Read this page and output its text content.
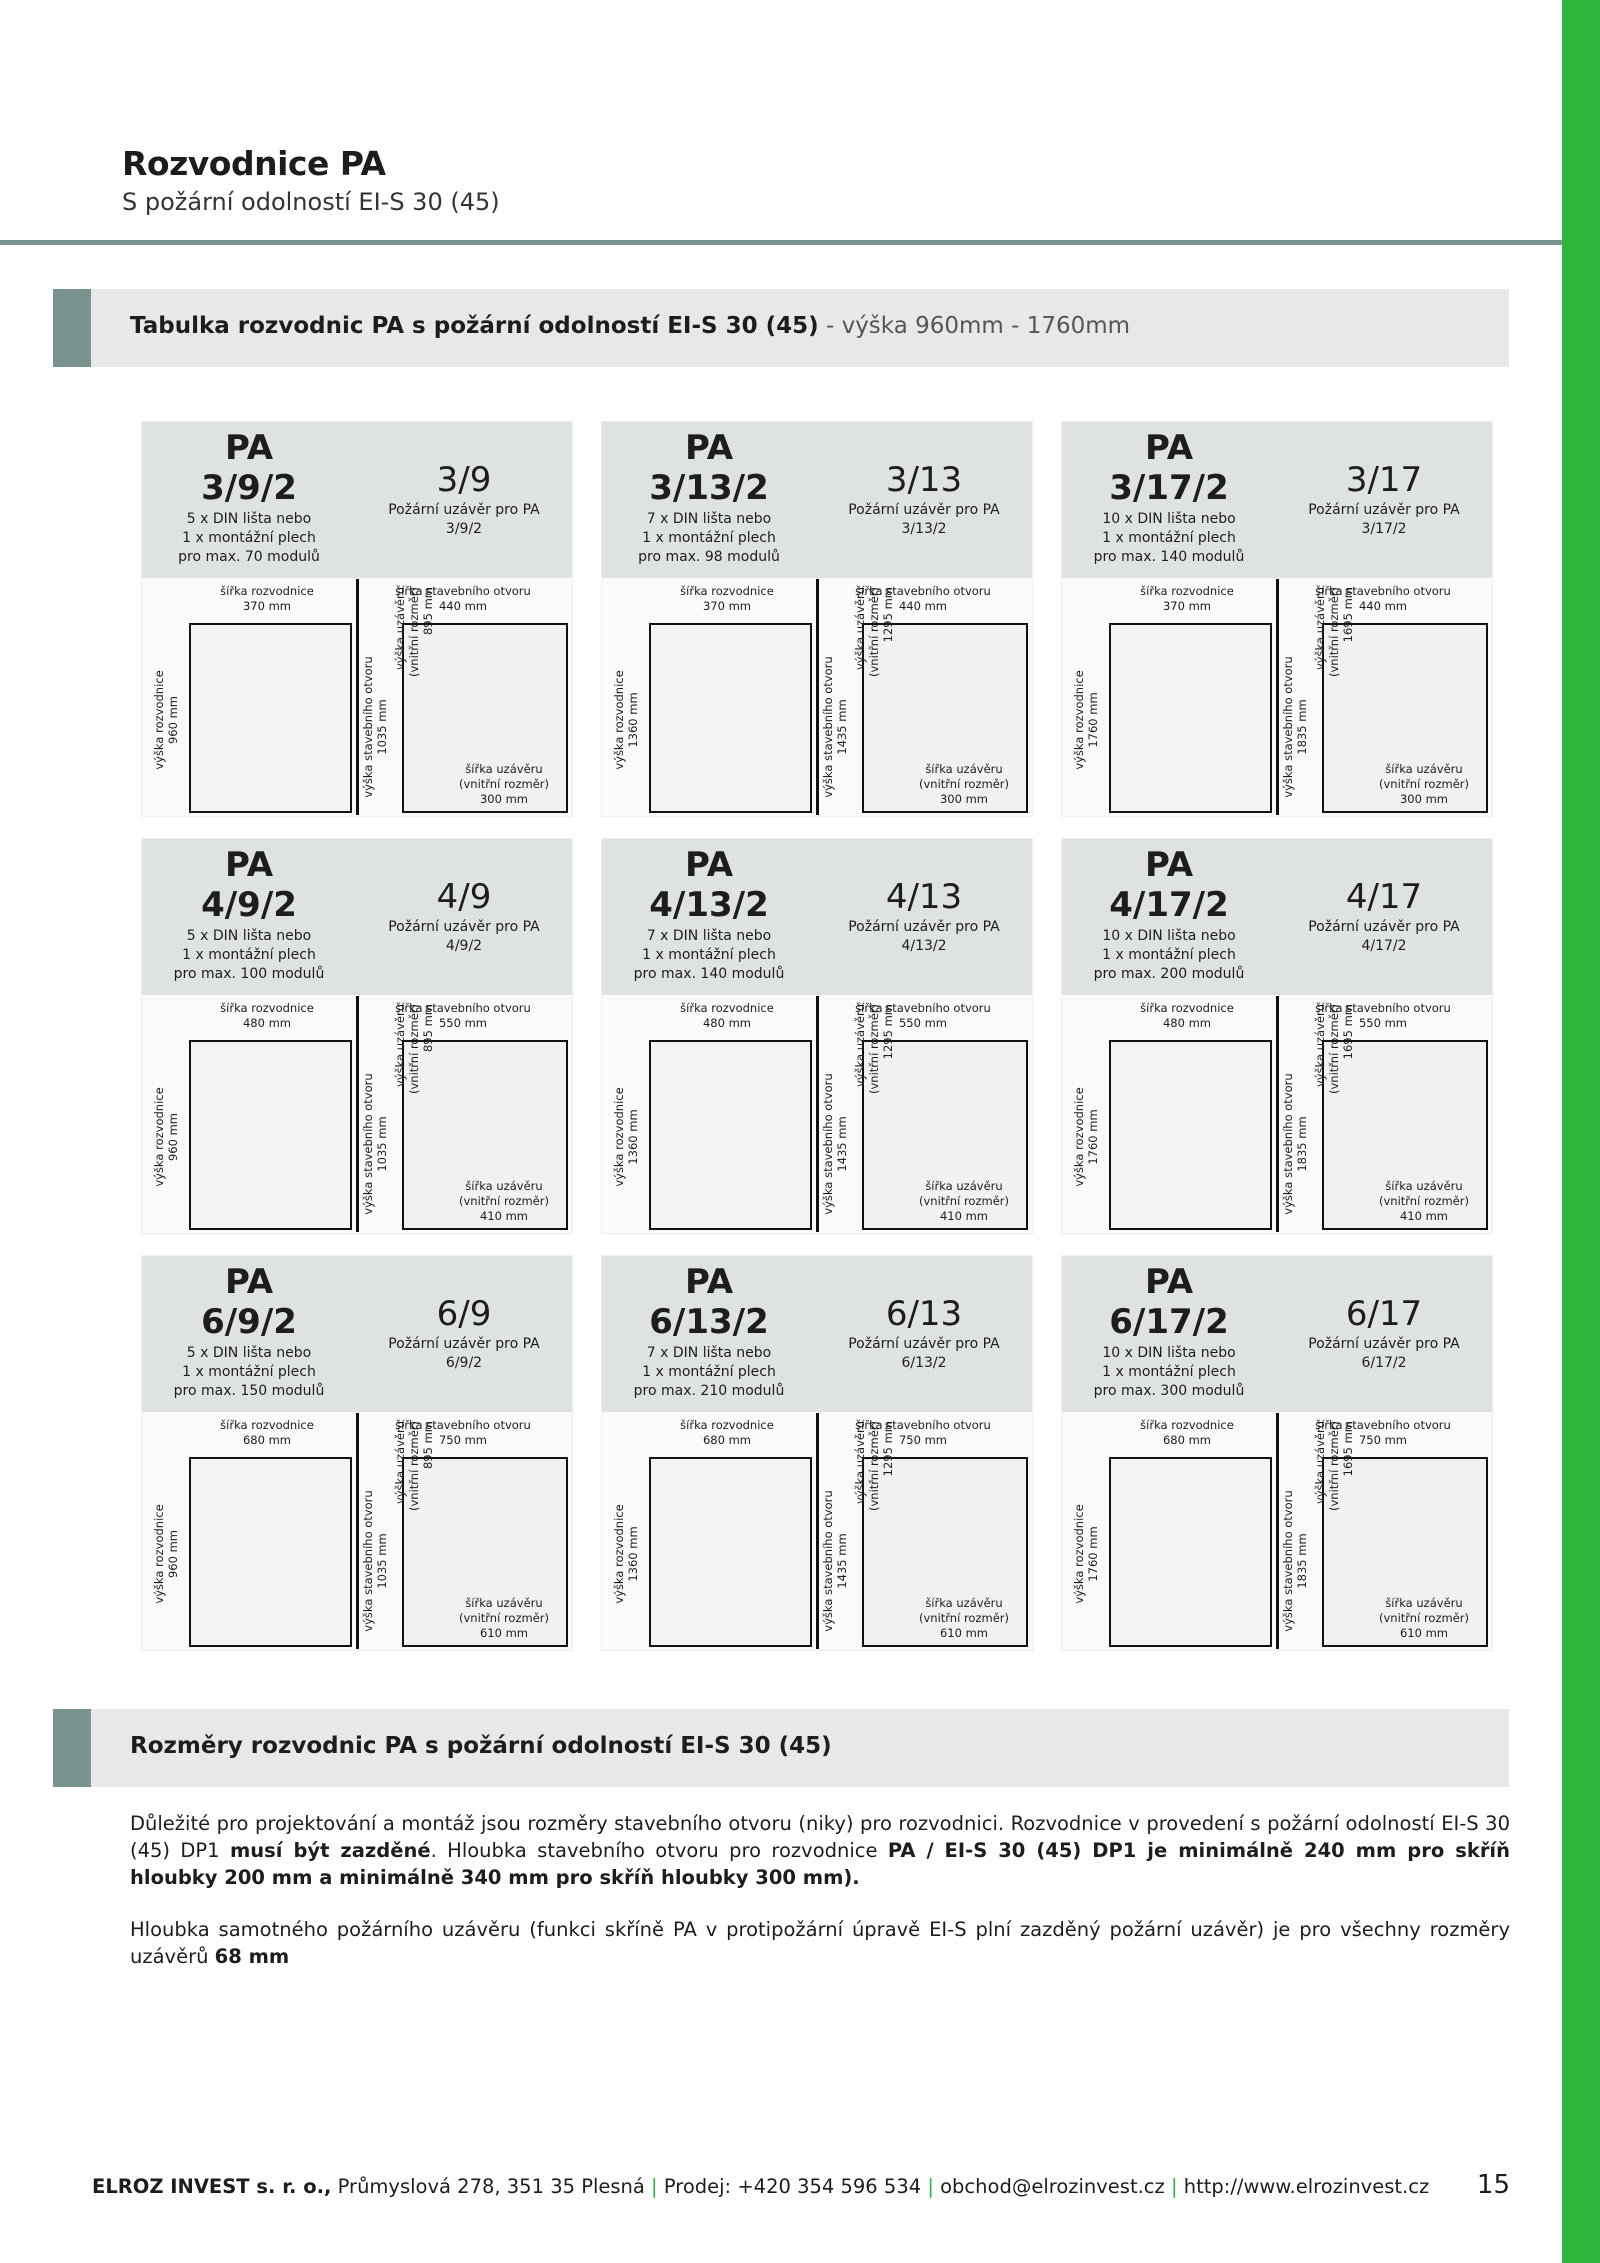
Rozvodnice PA
S požární odolností EI-S 30 (45)
Tabulka rozvodnic PA s požární odolností EI-S 30 (45) - výška 960mm - 1760mm
PA
3/9/2
5 x DIN lišta nebo
1 x montážní plech
pro max. 70 modulů
3/9
Požární uzávěr pro PA
3/9/2
šířka rozvodnice
370 mm
šířka stavebního otvoru
440 mm
výška rozvodnice 960 mm	výška stavebního otvoru 1035 mm
výška uzávěru (vnitřní rozměr) 895 mm
šířka uzávěru
(vnitřní rozměr)
300 mm
PA
3/13/2
7 x DIN lišta nebo
1 x montážní plech
pro max. 98 modulů
3/13
Požární uzávěr pro PA
3/13/2
šířka rozvodnice
370 mm
šířka stavebního otvoru
440 mm
výška rozvodnice 1360 mm	výška stavebního otvoru 1435 mm
výška uzávěru (vnitřní rozměr) 1295 mm
šířka uzávěru
(vnitřní rozměr)
300 mm
PA
3/17/2
10 x DIN lišta nebo
1 x montážní plech
pro max. 140 modulů
3/17
Požární uzávěr pro PA
3/17/2
šířka rozvodnice
370 mm
šířka stavebního otvoru
440 mm
výška rozvodnice 1760 mm	výška stavebního otvoru 1835 mm
výška uzávěru (vnitřní rozměr) 1695 mm
šířka uzávěru
(vnitřní rozměr)
300 mm
PA
4/9/2
5 x DIN lišta nebo
1 x montážní plech
pro max. 100 modulů
4/9
Požární uzávěr pro PA
4/9/2
šířka rozvodnice
480 mm
šířka stavebního otvoru
550 mm
výška rozvodnice 960 mm	výška stavebního otvoru 1035 mm
výška uzávěru (vnitřní rozměr) 895 mm
šířka uzávěru
(vnitřní rozměr)
410 mm
PA
4/13/2
7 x DIN lišta nebo
1 x montážní plech
pro max. 140 modulů
4/13
Požární uzávěr pro PA
4/13/2
šířka rozvodnice
480 mm
šířka stavebního otvoru
550 mm
výška rozvodnice 1360 mm	výška stavebního otvoru 1435 mm
výška uzávěru (vnitřní rozměr) 1295 mm
šířka uzávěru
(vnitřní rozměr)
410 mm
PA
4/17/2
10 x DIN lišta nebo
1 x montážní plech
pro max. 200 modulů
4/17
Požární uzávěr pro PA
4/17/2
šířka rozvodnice
480 mm
šířka stavebního otvoru
550 mm
výška rozvodnice 1760 mm	výška stavebního otvoru 1835 mm
výška uzávěru (vnitřní rozměr) 1695 mm
šířka uzávěru
(vnitřní rozměr)
410 mm
PA
6/9/2
5 x DIN lišta nebo
1 x montážní plech
pro max. 150 modulů
6/9
Požární uzávěr pro PA
6/9/2
šířka rozvodnice
680 mm
šířka stavebního otvoru
750 mm
výška rozvodnice 960 mm	výška stavebního otvoru 1035 mm
výška uzávěru (vnitřní rozměr) 895 mm
šířka uzávěru
(vnitřní rozměr)
610 mm
PA
6/13/2
7 x DIN lišta nebo
1 x montážní plech
pro max. 210 modulů
6/13
Požární uzávěr pro PA
6/13/2
šířka rozvodnice
680 mm
šířka stavebního otvoru
750 mm
výška rozvodnice 1360 mm	výška stavebního otvoru 1435 mm
výška uzávěru (vnitřní rozměr) 1295 mm
šířka uzávěru
(vnitřní rozměr)
610 mm
PA
6/17/2
10 x DIN lišta nebo
1 x montážní plech
pro max. 300 modulů
6/17
Požární uzávěr pro PA
6/17/2
šířka rozvodnice
680 mm
šířka stavebního otvoru
750 mm
výška rozvodnice 1760 mm	výška stavebního otvoru 1835 mm
výška uzávěru (vnitřní rozměr) 1695 mm
šířka uzávěru
(vnitřní rozměr)
610 mm
Rozměry rozvodnic PA s požární odolností EI-S 30 (45)

Důležité pro projektování a montáž jsou rozměry stavebního otvoru (niky) pro rozvodnici. Rozvodnice v provedení s požární odolností EI-S 30 (45) DP1 musí být zazděné. Hloubka stavebního otvoru pro rozvodnice PA / EI-S 30 (45) DP1 je minimálně 240 mm pro skříň hloubky 200 mm a minimálně 340 mm pro skříň hloubky 300 mm).

Hloubka samotného požárního uzávěru (funkci skříně PA v protipožární úpravě EI-S plní zazděný požární uzávěr) je pro všechny rozměry uzávěrů 68 mm

ELROZ INVEST s. r. o., Průmyslová 278, 351 35 Plesná | Prodej: +420 354 596 534 | obchod@elrozinvest.cz | http://www.elrozinvest.cz 15
